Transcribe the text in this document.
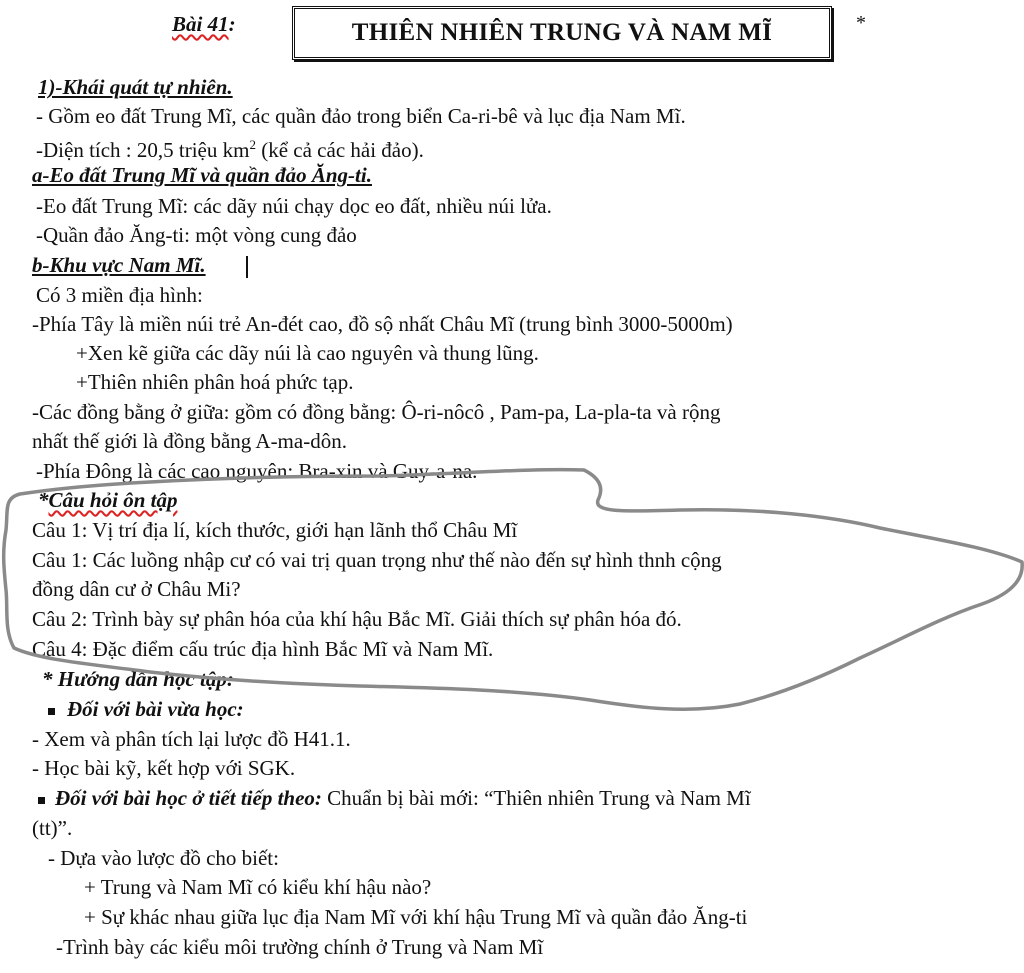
Bài 41:	THIÊN NHIÊN TRUNG VÀ NAM MĨ	*
1)-Khái quát tự nhiên.
- Gồm eo đất Trung Mĩ, các quần đảo trong biển Ca-ri-bê và lục địa Nam Mĩ.
-Diện tích : 20,5 triệu $km^2$ (kể cả các hải đảo).
a-Eo đất Trung Mĩ và quần đảo Ăng-ti.
-Eo đất Trung Mĩ: các dãy núi chạy dọc eo đất, nhiều núi lửa.
-Quần đảo Ăng-ti: một vòng cung đảo
b-Khu vực Nam Mĩ.
Có 3 miền địa hình:
-Phía Tây là miền núi trẻ An-đét cao, đồ sộ nhất Châu Mĩ (trung bình 3000-5000m)
+Xen kẽ giữa các dãy núi là cao nguyên và thung lũng.
+Thiên nhiên phân hoá phức tạp.
-Các đồng bằng ở giữa: gồm có đồng bằng: Ô-ri-nôcô , Pam-pa, La-pla-ta và rộng
nhất thế giới là đồng bằng A-ma-dôn.
-Phía Đông là các cao nguyên: Bra-xin và Guy-a-na.
*Câu hỏi ôn tập
Câu 1: Vị trí địa lí, kích thước, giới hạn lãnh thổ Châu Mĩ
Câu 1: Các luồng nhập cư có vai trị quan trọng như thế nào đến sự hình thnh cộng
đồng dân cư ở Châu Mi?
Câu 2: Trình bày sự phân hóa của khí hậu Bắc Mĩ. Giải thích sự phân hóa đó.
Câu 4: Đặc điểm cấu trúc địa hình Bắc Mĩ và Nam Mĩ.
* Hướng dẫn học tập:
Đối với bài vừa học:
- Xem và phân tích lại lược đồ H41.1.
- Học bài kỹ, kết hợp với SGK.
Đối với bài học ở tiết tiếp theo: Chuẩn bị bài mới: “Thiên nhiên Trung và Nam Mĩ
(tt)”.
- Dựa vào lược đồ cho biết:
+ Trung và Nam Mĩ có kiểu khí hậu nào?
+ Sự khác nhau giữa lục địa Nam Mĩ với khí hậu Trung Mĩ và quần đảo Ăng-ti
-Trình bày các kiểu môi trường chính ở Trung và Nam Mĩ
